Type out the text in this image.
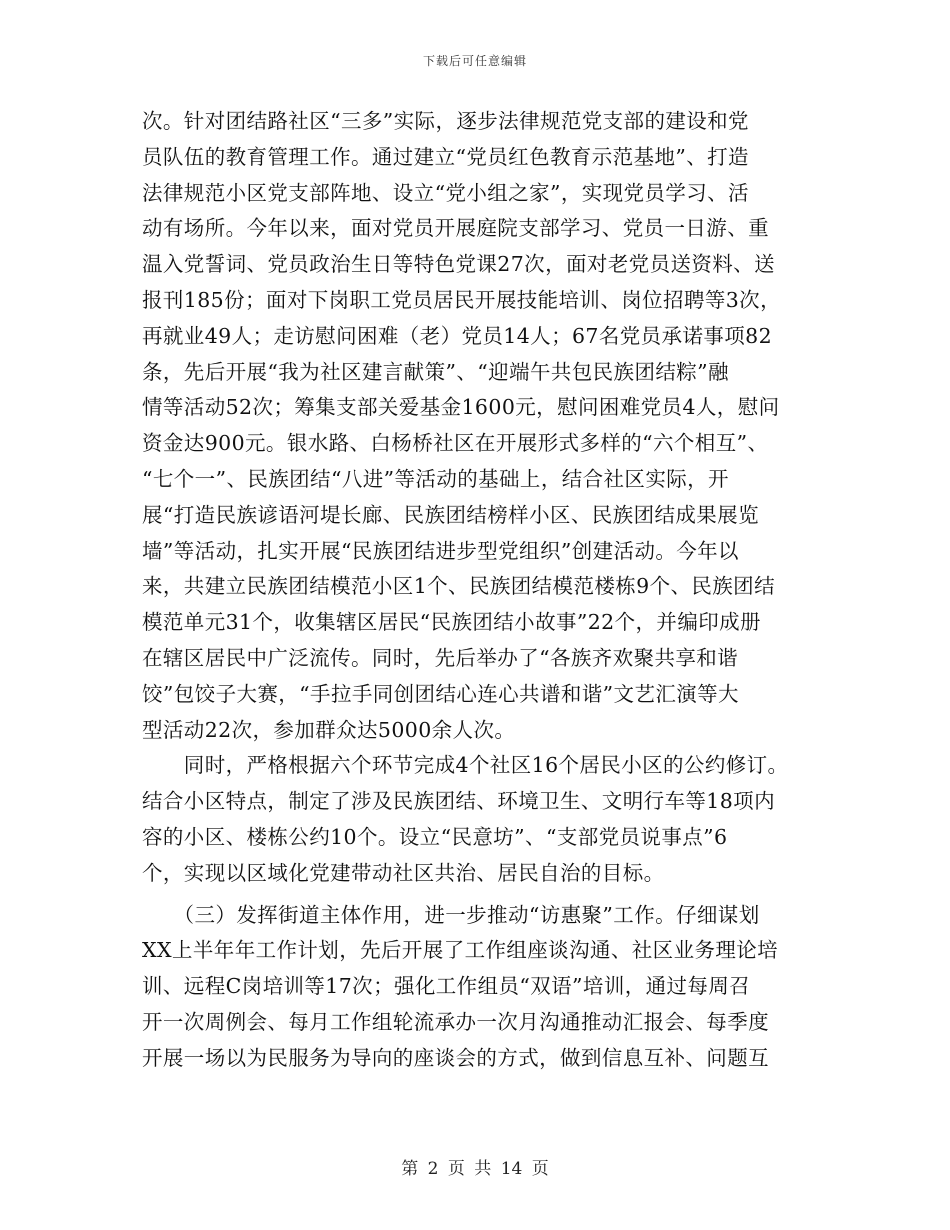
下载后可任意编辑
次。针对团结路社区“三多”实际，逐步法律规范党支部的建设和党
员队伍的教育管理工作。通过建立“党员红色教育示范基地”、打造
法律规范小区党支部阵地、设立“党小组之家”，实现党员学习、活
动有场所。今年以来，面对党员开展庭院支部学习、党员一日游、重
温入党誓词、党员政治生日等特色党课27次，面对老党员送资料、送
报刊185份；面对下岗职工党员居民开展技能培训、岗位招聘等3次，
再就业49人；走访慰问困难（老）党员14人；67名党员承诺事项82
条，先后开展“我为社区建言献策”、“迎端午共包民族团结粽”融
情等活动52次；筹集支部关爱基金1600元，慰问困难党员4人，慰问
资金达900元。银水路、白杨桥社区在开展形式多样的“六个相互”、
“七个一”、民族团结“八进”等活动的基础上，结合社区实际，开
展“打造民族谚语河堤长廊、民族团结榜样小区、民族团结成果展览
墙”等活动，扎实开展“民族团结进步型党组织”创建活动。今年以
来，共建立民族团结模范小区1个、民族团结模范楼栋9个、民族团结
模范单元31个，收集辖区居民“民族团结小故事”22个，并编印成册
在辖区居民中广泛流传。同时，先后举办了“各族齐欢聚共享和谐
饺”包饺子大赛，“手拉手同创团结心连心共谱和谐”文艺汇演等大
型活动22次，参加群众达5000余人次。
　　同时，严格根据六个环节完成4个社区16个居民小区的公约修订。
结合小区特点，制定了涉及民族团结、环境卫生、文明行车等18项内
容的小区、楼栋公约10个。设立“民意坊”、“支部党员说事点”6
个，实现以区域化党建带动社区共治、居民自治的目标。
　　（三）发挥街道主体作用，进一步推动“访惠聚”工作。仔细谋划
XX上半年年工作计划，先后开展了工作组座谈沟通、社区业务理论培
训、远程C岗培训等17次；强化工作组员“双语”培训，通过每周召
开一次周例会、每月工作组轮流承办一次月沟通推动汇报会、每季度
开展一场以为民服务为导向的座谈会的方式，做到信息互补、问题互
第 2 页 共 14 页
